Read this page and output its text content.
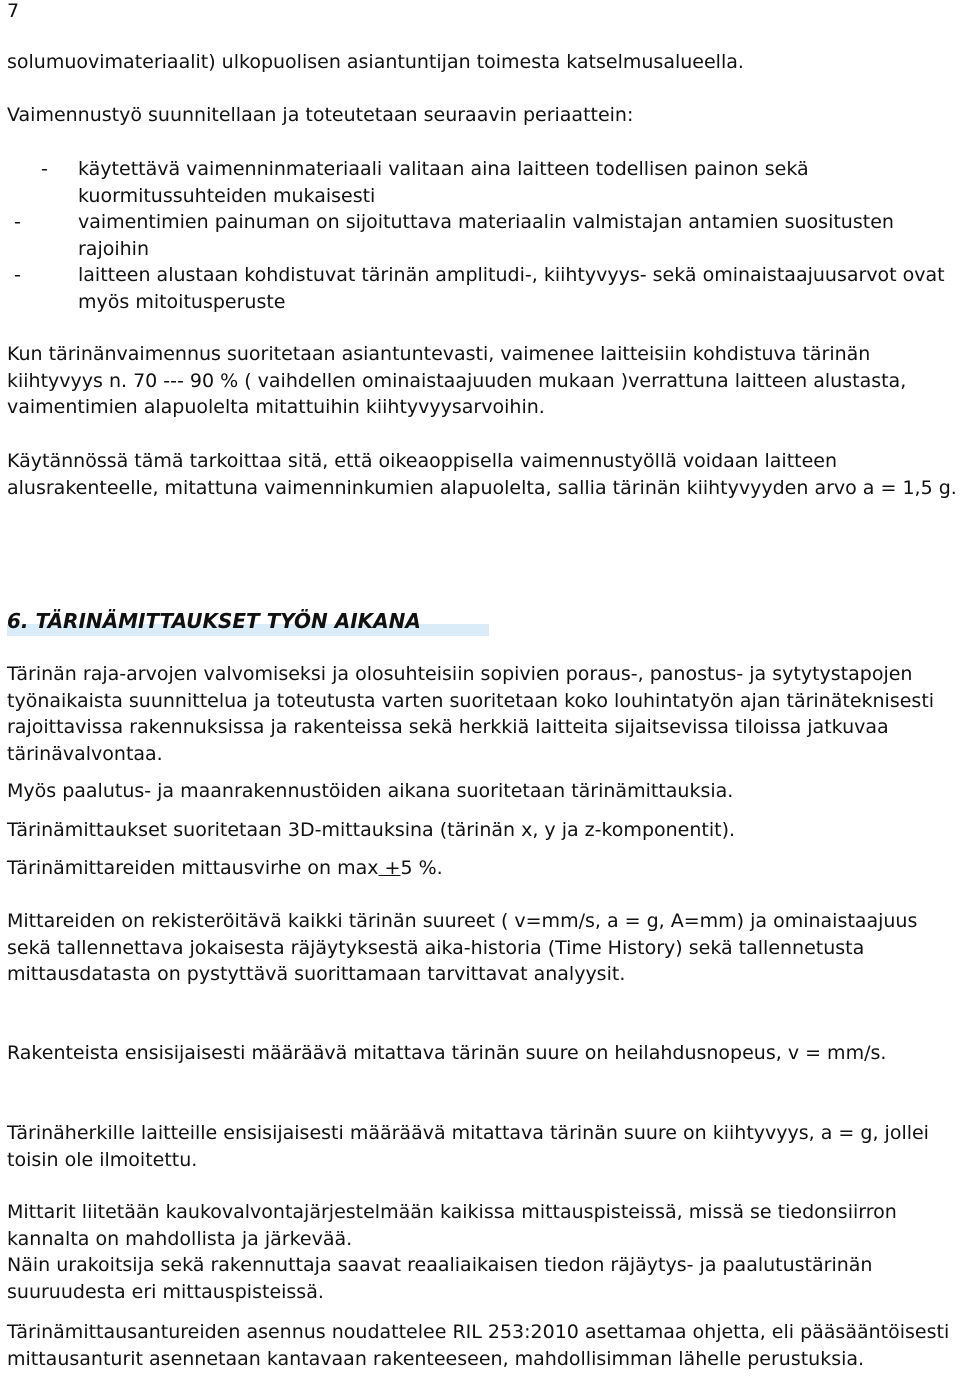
7

solumuovimateriaalit) ulkopuolisen asiantuntijan toimesta katselmusalueella.

Vaimennustyö suunnitellaan ja toteutetaan seuraavin periaattein:

- käytettävä vaimenninmateriaali valitaan aina laitteen todellisen painon sekä kuormitussuhteiden mukaisesti
-	vaimentimien painuman on sijoituttava materiaalin valmistajan antamien suositusten rajoihin
-	laitteen alustaan kohdistuvat tärinän amplitudi-, kiihtyvyys- sekä ominaistaajuusarvot ovat myös mitoitusperuste

Kun tärinänvaimennus suoritetaan asiantuntevasti, vaimenee laitteisiin kohdistuva tärinän kiihtyvyys n. 70 --- 90 % ( vaihdellen ominaistaajuuden mukaan )verrattuna laitteen alustasta, vaimentimien alapuolelta mitattuihin kiihtyvyysarvoihin.

Käytännössä tämä tarkoittaa sitä, että oikeaoppisella vaimennustyöllä voidaan laitteen alusrakenteelle, mitattuna vaimenninkumien alapuolelta, sallia tärinän kiihtyvyyden arvo a = 1,5 g.

6. TÄRINÄMITTAUKSET TYÖN AIKANA

Tärinän raja-arvojen valvomiseksi ja olosuhteisiin sopivien poraus-, panostus- ja sytytystapojen työnaikaista suunnittelua ja toteutusta varten suoritetaan koko louhintatyön ajan tärinäteknisesti rajoittavissa rakennuksissa ja rakenteissa sekä herkkiä laitteita sijaitsevissa tiloissa jatkuvaa tärinävalvontaa.

Myös paalutus- ja maanrakennustöiden aikana suoritetaan tärinämittauksia.

Tärinämittaukset suoritetaan 3D-mittauksina (tärinän x, y ja z-komponentit).

Tärinämittareiden mittausvirhe on max +5 %.

Mittareiden on rekisteröitävä kaikki tärinän suureet ( v=mm/s, a = g, A=mm) ja ominaistaajuus sekä tallennettava jokaisesta räjäytyksestä aika-historia (Time History) sekä tallennetusta mittausdatasta on pystyttävä suorittamaan tarvittavat analyysit.

Rakenteista ensisijaisesti määräävä mitattava tärinän suure on heilahdusnopeus, v = mm/s.

Tärinäherkille laitteille ensisijaisesti määräävä mitattava tärinän suure on kiihtyvyys, a = g, jollei toisin ole ilmoitettu.

Mittarit liitetään kaukovalvontajärjestelmään kaikissa mittauspisteissä, missä se tiedonsiirron kannalta on mahdollista ja järkevää.

Näin urakoitsija sekä rakennuttaja saavat reaaliaikaisen tiedon räjäytys- ja paalutustärinän suuruudesta eri mittauspisteissä.

Tärinämittausantureiden asennus noudattelee RIL 253:2010 asettamaa ohjetta, eli pääsääntöisesti mittausanturit asennetaan kantavaan rakenteeseen, mahdollisimman lähelle perustuksia.
